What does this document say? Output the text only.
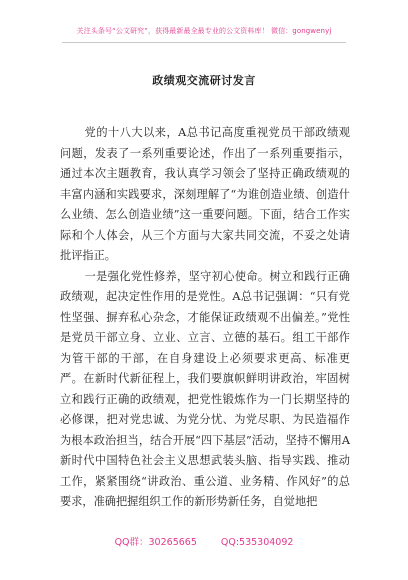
关注头条号“公文研究”，获得最新最全最专业的公文资料库！ 微信：gongwenyj
政绩观交流研讨发言

党的十八大以来，A总书记高度重视党员干部政绩观问题，发表了一系列重要论述，作出了一系列重要指示，通过本次主题教育，我认真学习领会了坚持正确政绩观的丰富内涵和实践要求，深刻理解了“为谁创造业绩、创造什么业绩、怎么创造业绩”这一重要问题。下面，结合工作实际和个人体会，从三个方面与大家共同交流，不妥之处请批评指正。

一是强化党性修养，坚守初心使命。树立和践行正确政绩观，起决定性作用的是党性。A总书记强调：“只有党性坚强、摒弃私心杂念，才能保证政绩观不出偏差。”党性是党员干部立身、立业、立言、立德的基石。组工干部作为管干部的干部，在自身建设上必须要求更高、标准更严。在新时代新征程上，我们要旗帜鲜明讲政治，牢固树立和践行正确的政绩观，把党性锻炼作为一门长期坚持的必修课，把对党忠诚、为党分忧、为党尽职、为民造福作为根本政治担当，结合开展“四下基层”活动，坚持不懈用A新时代中国特色社会主义思想武装头脑、指导实践、推动工作，紧紧围绕“讲政治、重公道、业务精、作风好”的总要求，准确把握组织工作的新形势新任务，自觉地把

QQ群：30265665	QQ:535304092
